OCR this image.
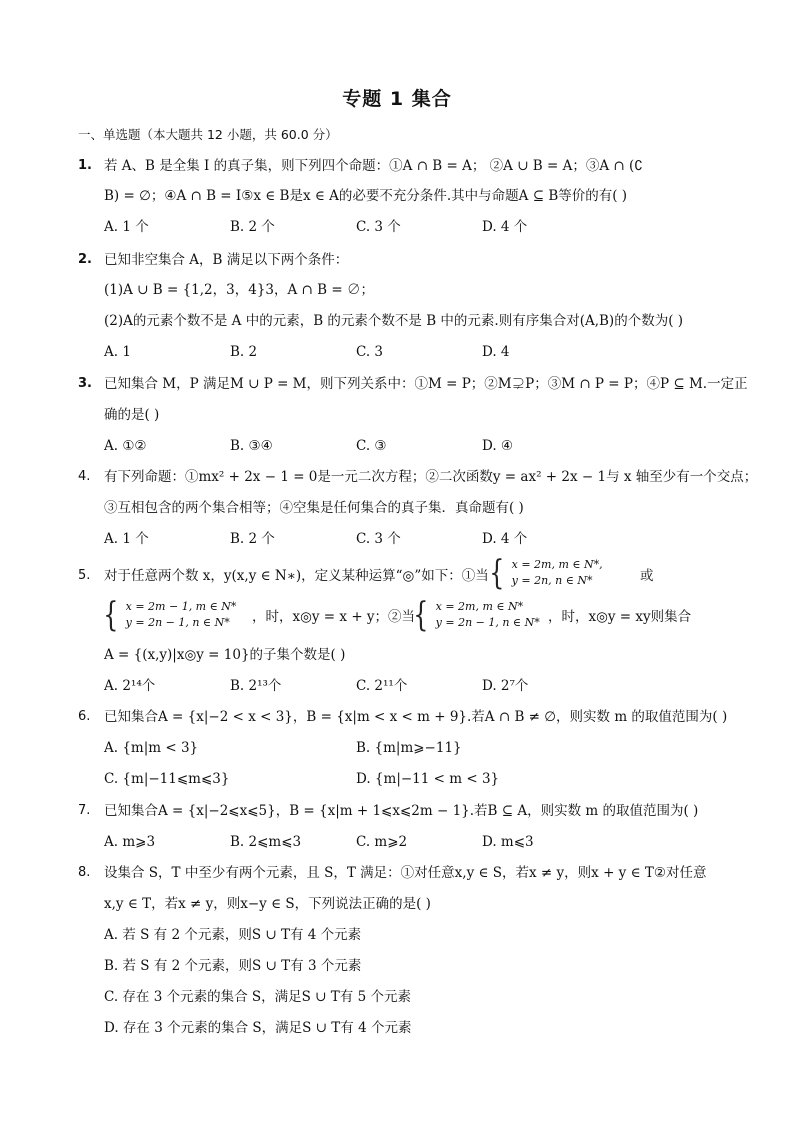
专题 1 集合
一、单选题（本大题共 12 小题，共 60.0 分）
1. 若 A、B 是全集 I 的真子集，则下列四个命题：①A ∩ B = A； ②A ∪ B = A；③A ∩ (∁
B) = ∅；④A ∩ B = I⑤x ∈ B是x ∈ A的必要不充分条件.其中与命题A ⊆ B等价的有( )
A. 1 个	B. 2 个	C. 3 个	D. 4 个
2. 已知非空集合 A，B 满足以下两个条件：
(1)A ∪ B = {1,2，3，4}3，A ∩ B = ∅；
(2)A的元素个数不是 A 中的元素，B 的元素个数不是 B 中的元素.则有序集合对(A,B)的个数为( )
A. 1	B. 2	C. 3	D. 4
3. 已知集合 M，P 满足M ∪ P = M，则下列关系中：①M = P；②M⊋P；③M ∩ P = P；④P ⊆ M.一定正
确的是( )
A. ①②	B. ③④	C. ③	D. ④
4. 有下列命题：①mx² + 2x − 1 = 0是一元二次方程；②二次函数y = ax² + 2x − 1与 x 轴至少有一个交点；
③互相包含的两个集合相等；④空集是任何集合的真子集．真命题有( )
A. 1 个	B. 2 个	C. 3 个	D. 4 个
5. 对于任意两个数 x，y(x,y ∈ N∗)，定义某种运算“◎”如下：①当 { x = 2m, m ∈ N*,
y = 2n, n ∈ N*	或
{ x = 2m − 1, m ∈ N*
y = 2n − 1, n ∈ N*	，时，x◎y = x + y；②当
{ x = 2m, m ∈ N*
y = 2n − 1, n ∈ N* ，时，x◎y = xy则集合
A = {(x,y)|x◎y = 10}的子集个数是( )
A. 2¹⁴个	B. 2¹³个	C. 2¹¹个	D. 2⁷个
6. 已知集合A = {x|−2 < x < 3}，B = {x|m < x < m + 9}.若A ∩ B ≠ ∅，则实数 m 的取值范围为( )
A. {m|m < 3}	B. {m|m⩾−11}
C. {m|−11⩽m⩽3}	D. {m|−11 < m < 3}
7. 已知集合A = {x|−2⩽x⩽5}，B = {x|m + 1⩽x⩽2m − 1}.若B ⊆ A，则实数 m 的取值范围为( )
A. m⩾3	B. 2⩽m⩽3	C. m⩾2	D. m⩽3
8. 设集合 S，T 中至少有两个元素，且 S，T 满足：①对任意x,y ∈ S，若x ≠ y，则x + y ∈ T②对任意
x,y ∈ T，若x ≠ y，则x−y ∈ S，下列说法正确的是( )
A. 若 S 有 2 个元素，则S ∪ T有 4 个元素
B. 若 S 有 2 个元素，则S ∪ T有 3 个元素
C. 存在 3 个元素的集合 S，满足S ∪ T有 5 个元素
D. 存在 3 个元素的集合 S，满足S ∪ T有 4 个元素
